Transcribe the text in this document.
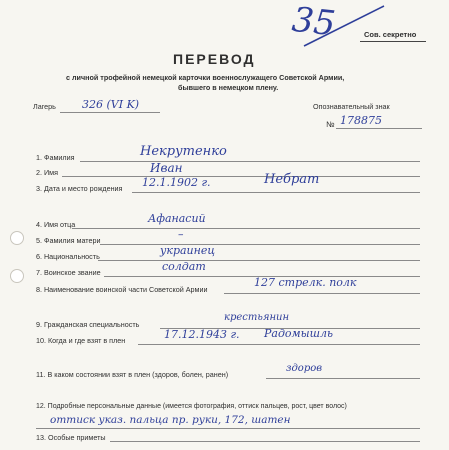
35	Сов. секретно
ПЕРЕВОД
с личной трофейной немецкой карточки военнослужащего Советской Армии,
бывшего в немецком плену.
Лагерь 326 (VI K)	Опознавательный знак
№ 178875
1. Фамилия	Некрутенко
2. Имя	Иван
3. Дата и место рождения 12.1.1902 г.	Небрат
4. Имя отца	Афанасий
5. Фамилия матери	–
6. Национальность	украинец
7. Воинское звание	солдат
8. Наименование воинской части Советской Армии
127 стрелк. полк
9. Гражданская специальность
крестьянин
10. Когда и где взят в плен	17.12.1943 г. Радомышль
11. В каком состоянии взят в плен (здоров, болен, ранен)
здоров
12. Подробные персональные данные (имеется фотография, оттиск пальцев, рост, цвет волос)
оттиск указ. пальца пр. руки, 172, шатен
13. Особые приметы
